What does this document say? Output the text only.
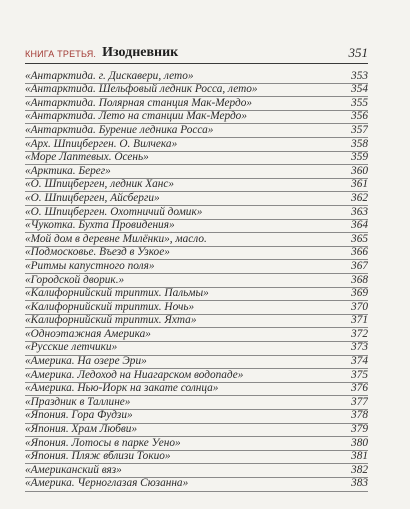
КНИГА ТРЕТЬЯ. Изодневник	351
«Антарктида. г. Дискавери, лето»	353
«Антарктида. Шельфовый ледник Росса, лето»	354
«Антарктида. Полярная станция Мак-Мердо»	355
«Антарктида. Лето на станции Мак-Мердо»	356
«Антарктида. Бурение ледника Росса»	357
«Арх. Шпицберген. О. Вилчека»	358
«Море Лаптевых. Осень»	359
«Арктика. Берег»	360
«О. Шпицберген, ледник Ханс»	361
«О. Шпицберген, Айсберги»	362
«О. Шпицберген. Охотничий домик»	363
«Чукотка. Бухта Провидения»	364
«Мой дом в деревне Милёнки», масло.	365
«Подмосковье. Въезд в Узкое»	366
«Ритмы капустного поля»	367
«Городской дворик.»	368
«Калифорнийский триптих. Пальмы»	369
«Калифорнийский триптих. Ночь»	370
«Калифорнийский триптих. Яхта»	371
«Одноэтажная Америка»	372
«Русские летчики»	373
«Америка. На озере Эри»	374
«Америка. Ледоход на Ниагарском водопаде»	375
«Америка. Нью-Йорк на закате солнца»	376
«Праздник в Таллине»	377
«Япония. Гора Фудзи»	378
«Япония. Храм Любви»	379
«Япония. Лотосы в парке Уено»	380
«Япония. Пляж вблизи Токио»	381
«Американский вяз»	382
«Америка. Черноглазая Сюзанна»	383
